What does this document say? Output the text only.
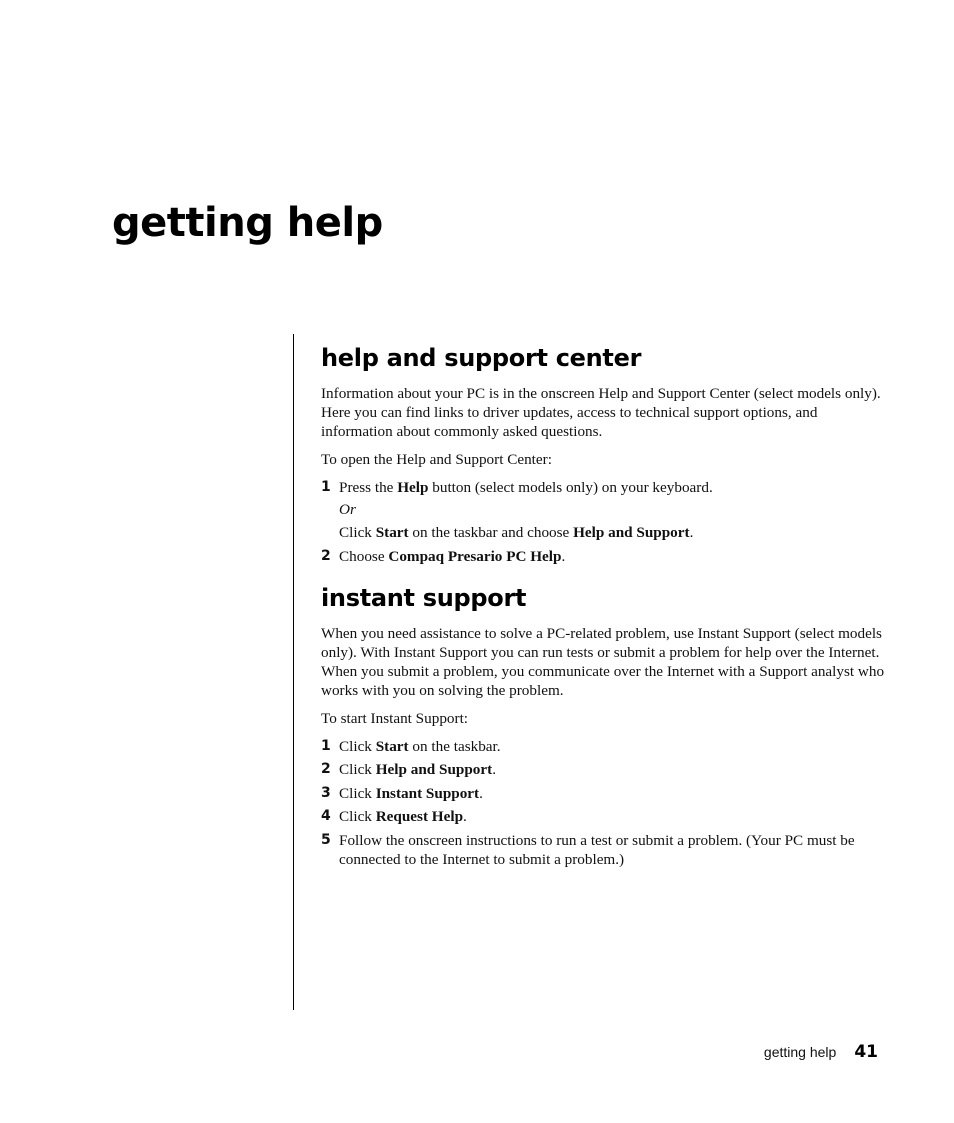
getting help
help and support center

Information about your PC is in the onscreen Help and Support Center (select models only). Here you can find links to driver updates, access to technical support options, and information about commonly asked questions.

To open the Help and Support Center:

1 Press the Help button (select models only) on your keyboard.
Or
Click Start on the taskbar and choose Help and Support.
2 Choose Compaq Presario PC Help.
instant support

When you need assistance to solve a PC-related problem, use Instant Support (select models only). With Instant Support you can run tests or submit a problem for help over the Internet. When you submit a problem, you communicate over the Internet with a Support analyst who works with you on solving the problem.

To start Instant Support:

1 Click Start on the taskbar.
2 Click Help and Support.
3 Click Instant Support.
4 Click Request Help.
5 Follow the onscreen instructions to run a test or submit a problem. (Your PC must be connected to the Internet to submit a problem.)
getting help 41
